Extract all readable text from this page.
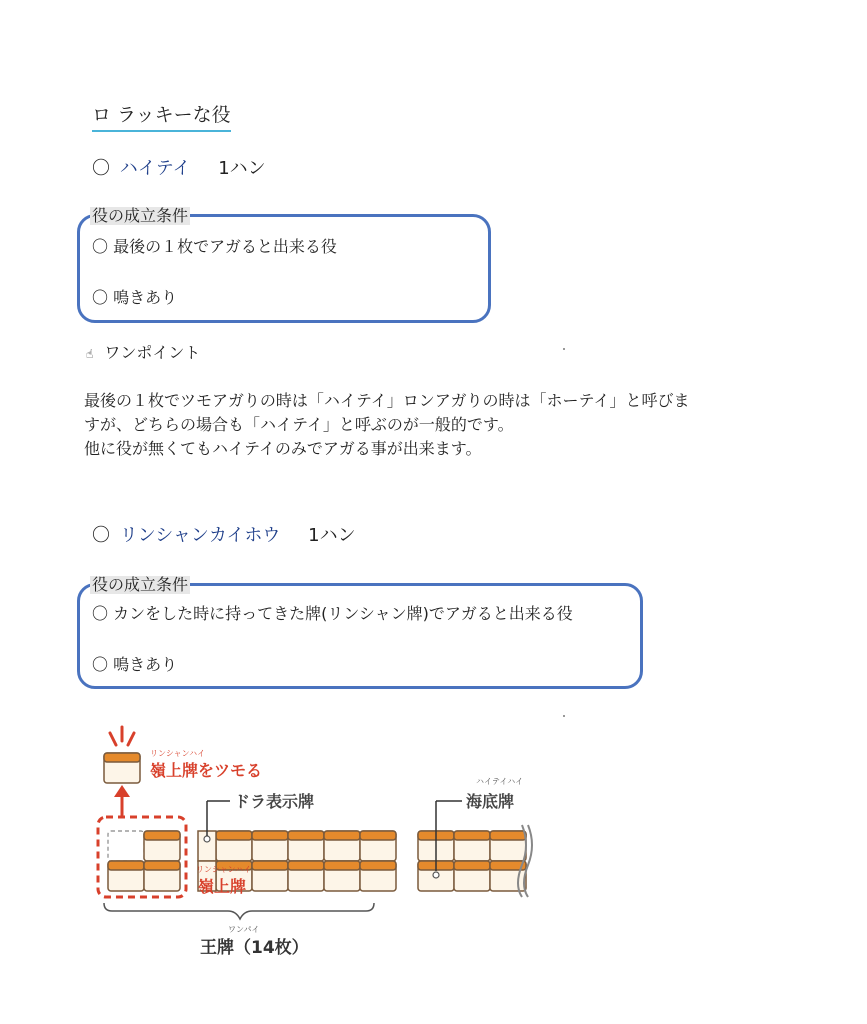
ロ ラッキーな役
〇 ハイテイ 1ハン
役の成立条件
〇 最後の１枚でアガると出来る役
〇 鳴きあり
☝ ワンポイント
最後の１枚でツモアガりの時は「ハイテイ」ロンアガりの時は「ホーテイ」と呼びま
すが、どちらの場合も「ハイテイ」と呼ぶのが一般的です。
他に役が無くてもハイテイのみでアガる事が出来ます。
〇 リンシャンカイホウ 1ハン
役の成立条件
〇 カンをした時に持ってきた牌(リンシャン牌)でアガると出来る役
〇 鳴きあり
リンシャンハイ
嶺上牌をツモる
ドラ表示牌
リンシャンハイ
嶺上牌
ワンパイ
王牌（14枚）
ハイテイハイ
海底牌
